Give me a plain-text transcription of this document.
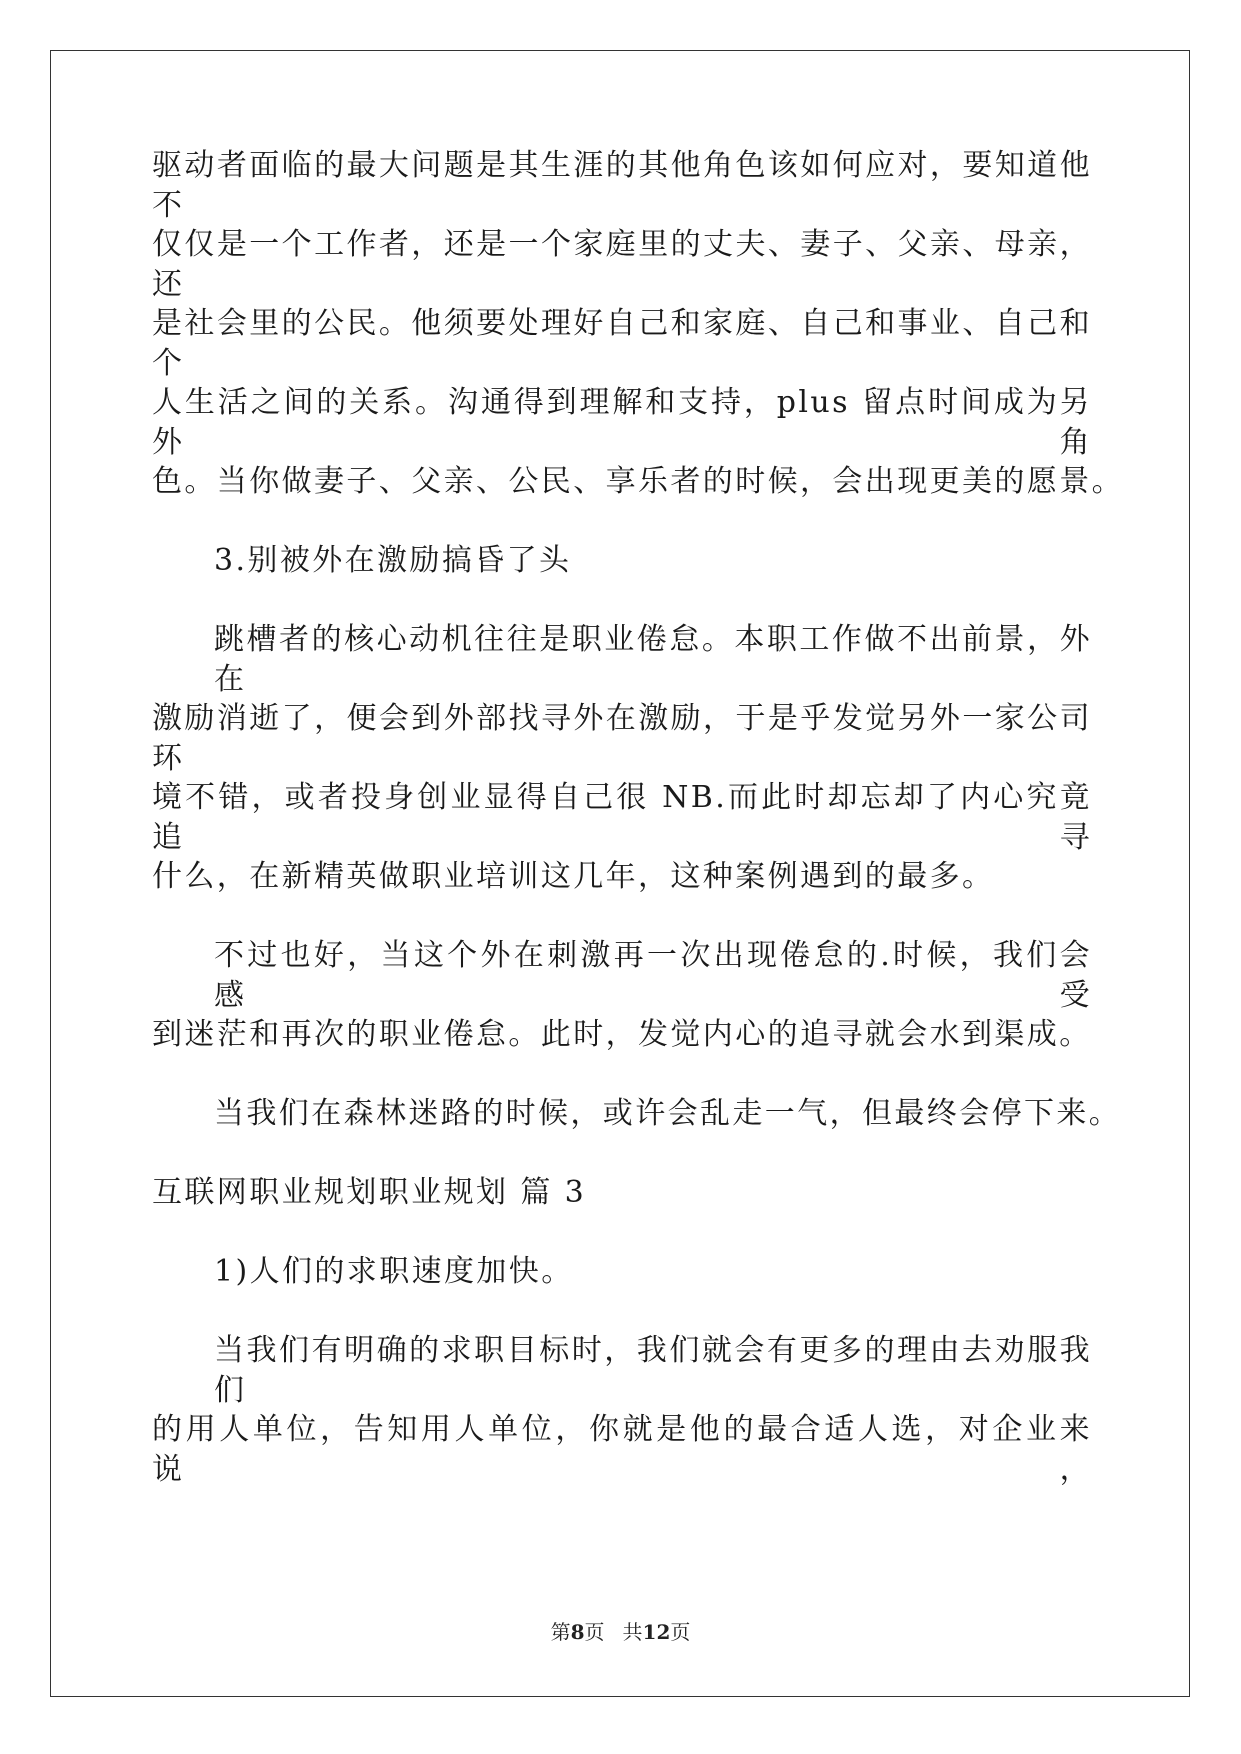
驱动者面临的最大问题是其生涯的其他角色该如何应对，要知道他不
仅仅是一个工作者，还是一个家庭里的丈夫、妻子、父亲、母亲，还
是社会里的公民。他须要处理好自己和家庭、自己和事业、自己和个
人生活之间的关系。沟通得到理解和支持，plus 留点时间成为另外角
色。当你做妻子、父亲、公民、享乐者的时候，会出现更美的愿景。
3.别被外在激励搞昏了头
跳槽者的核心动机往往是职业倦怠。本职工作做不出前景，外在
激励消逝了，便会到外部找寻外在激励，于是乎发觉另外一家公司环
境不错，或者投身创业显得自己很 NB.而此时却忘却了内心究竟追寻
什么，在新精英做职业培训这几年，这种案例遇到的最多。
不过也好，当这个外在刺激再一次出现倦怠的.时候，我们会感受
到迷茫和再次的职业倦怠。此时，发觉内心的追寻就会水到渠成。
当我们在森林迷路的时候，或许会乱走一气，但最终会停下来。
互联网职业规划职业规划 篇 3
1)人们的求职速度加快。
当我们有明确的求职目标时，我们就会有更多的理由去劝服我们
的用人单位，告知用人单位，你就是他的最合适人选，对企业来说，
第8页 共12页
